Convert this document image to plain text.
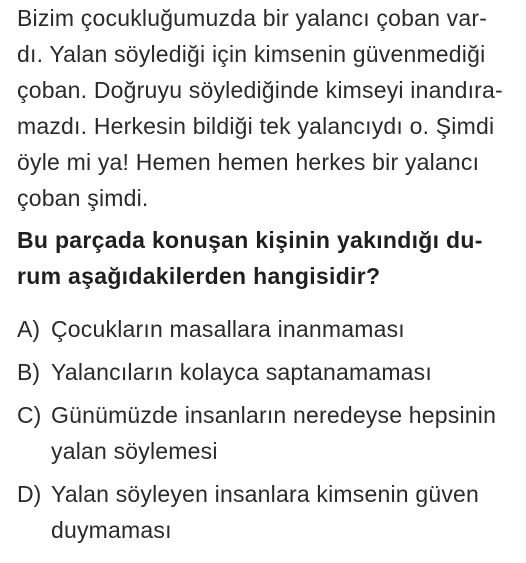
Bizim çocukluğumuzda bir yalancı çoban var-
dı. Yalan söylediği için kimsenin güvenmediği
çoban. Doğruyu söylediğinde kimseyi inandıra-
mazdı. Herkesin bildiği tek yalancıydı o. Şimdi
öyle mi ya! Hemen hemen herkes bir yalancı
çoban şimdi.
Bu parçada konuşan kişinin yakındığı du-
rum aşağıdakilerden hangisidir?
A) Çocukların masallara inanmaması
B) Yalancıların kolayca saptanamaması
C) Günümüzde insanların neredeyse hepsinin
yalan söylemesi
D) Yalan söyleyen insanlara kimsenin güven
duymaması
